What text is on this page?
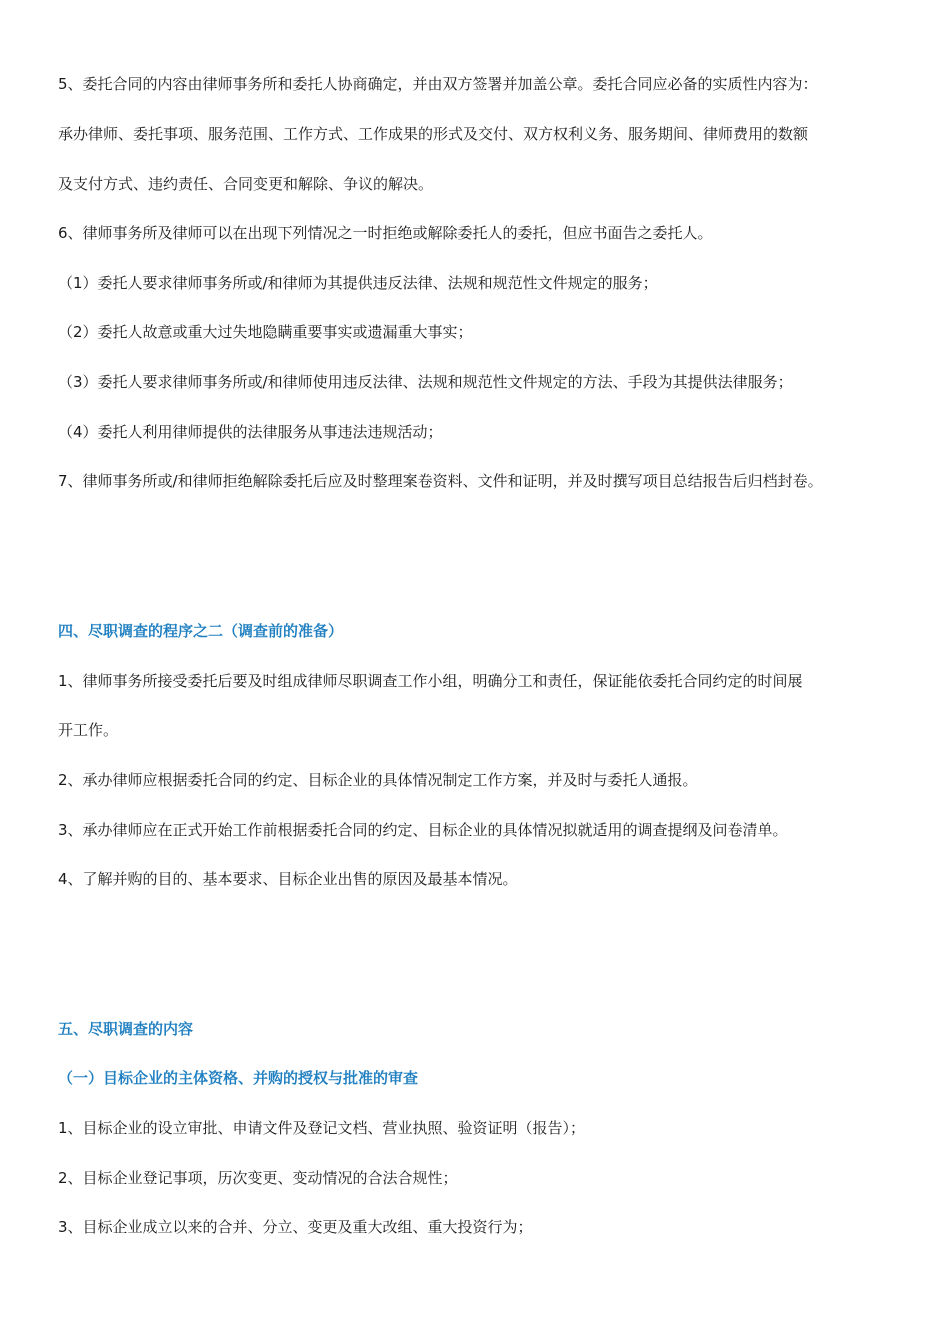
5、委托合同的内容由律师事务所和委托人协商确定，并由双方签署并加盖公章。委托合同应必备的实质性内容为：
承办律师、委托事项、服务范围、工作方式、工作成果的形式及交付、双方权利义务、服务期间、律师费用的数额
及支付方式、违约责任、合同变更和解除、争议的解决。
6、律师事务所及律师可以在出现下列情况之一时拒绝或解除委托人的委托，但应书面告之委托人。
（1）委托人要求律师事务所或/和律师为其提供违反法律、法规和规范性文件规定的服务；
（2）委托人故意或重大过失地隐瞒重要事实或遗漏重大事实；
（3）委托人要求律师事务所或/和律师使用违反法律、法规和规范性文件规定的方法、手段为其提供法律服务；
（4）委托人利用律师提供的法律服务从事违法违规活动；
7、律师事务所或/和律师拒绝解除委托后应及时整理案卷资料、文件和证明，并及时撰写项目总结报告后归档封卷。
四、尽职调查的程序之二（调查前的准备）
1、律师事务所接受委托后要及时组成律师尽职调查工作小组，明确分工和责任，保证能依委托合同约定的时间展
开工作。
2、承办律师应根据委托合同的约定、目标企业的具体情况制定工作方案，并及时与委托人通报。
3、承办律师应在正式开始工作前根据委托合同的约定、目标企业的具体情况拟就适用的调查提纲及问卷清单。
4、了解并购的目的、基本要求、目标企业出售的原因及最基本情况。
五、尽职调查的内容
（一）目标企业的主体资格、并购的授权与批准的审查
1、目标企业的设立审批、申请文件及登记文档、营业执照、验资证明（报告）；
2、目标企业登记事项，历次变更、变动情况的合法合规性；
3、目标企业成立以来的合并、分立、变更及重大改组、重大投资行为；
